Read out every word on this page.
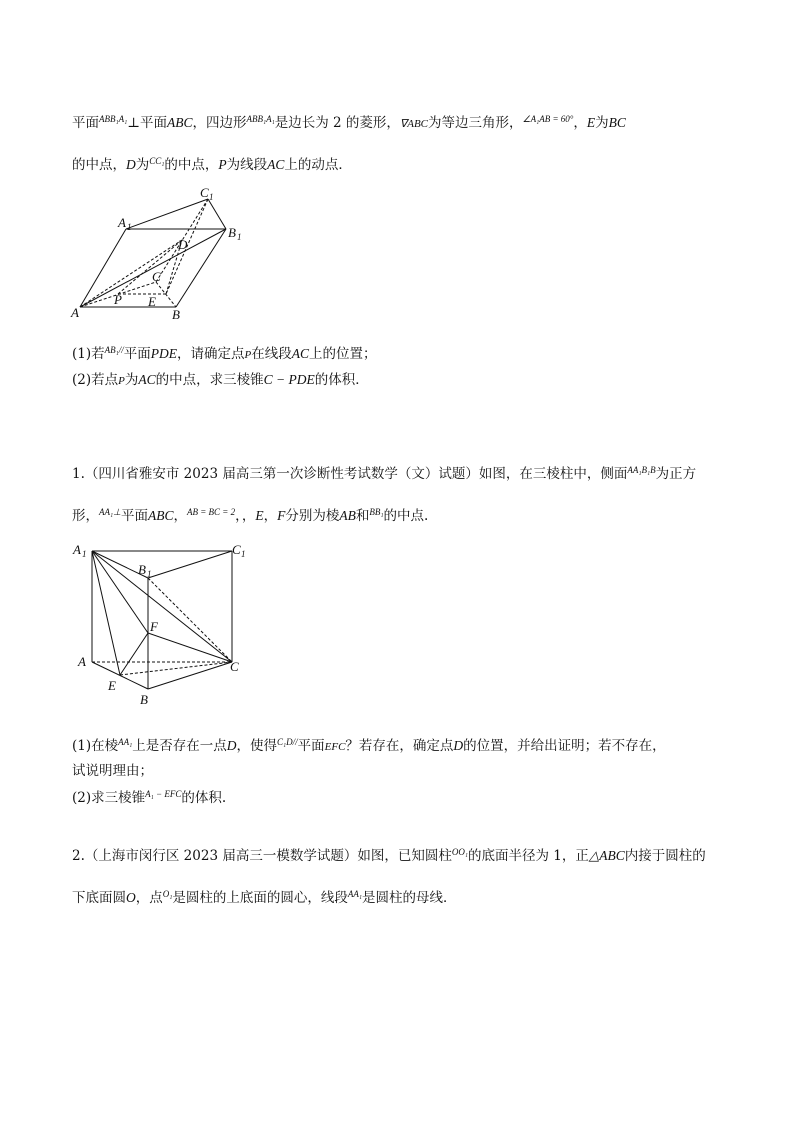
平面$^{ABB_1A_1}$⊥平面ABC，四边形$^{ABB_1A_1}$是边长为 2 的菱形，∇ABC为等边三角形，$^{\angle A_1AB = 60^\circ}$，E为BC
的中点，D为$^{CC_1}$的中点，P为线段AC上的动点．
C 1
A 1	B 1
D
C
P E
A	B
(1)若$^{AB_1//}$平面PDE，请确定点P在线段AC上的位置；
(2)若点P为AC的中点，求三棱锥C − PDE的体积．
1.（四川省雅安市 2023 届高三第一次诊断性考试数学（文）试题）如图，在三棱柱中，侧面$^{AA_1B_1B}$为正方
形，$^{AA_1\perp}$平面ABC，$^{AB = BC = 2}$，，E，F分别为棱AB和$^{BB_1}$的中点.
A 1
B 1
C 1
F
A	C
E
B
(1)在棱$^{AA_1}$上是否存在一点D，使得$^{C_1D//}$平面EFC？若存在，确定点D的位置，并给出证明；若不存在，
试说明理由；
(2)求三棱锥$^{A_1 - EFC}$的体积.
2.（上海市闵行区 2023 届高三一模数学试题）如图，已知圆柱$^{OO_1}$的底面半径为 1，正△ABC内接于圆柱的
下底面圆O，点$^{O_1}$是圆柱的上底面的圆心，线段$^{AA_1}$是圆柱的母线．
